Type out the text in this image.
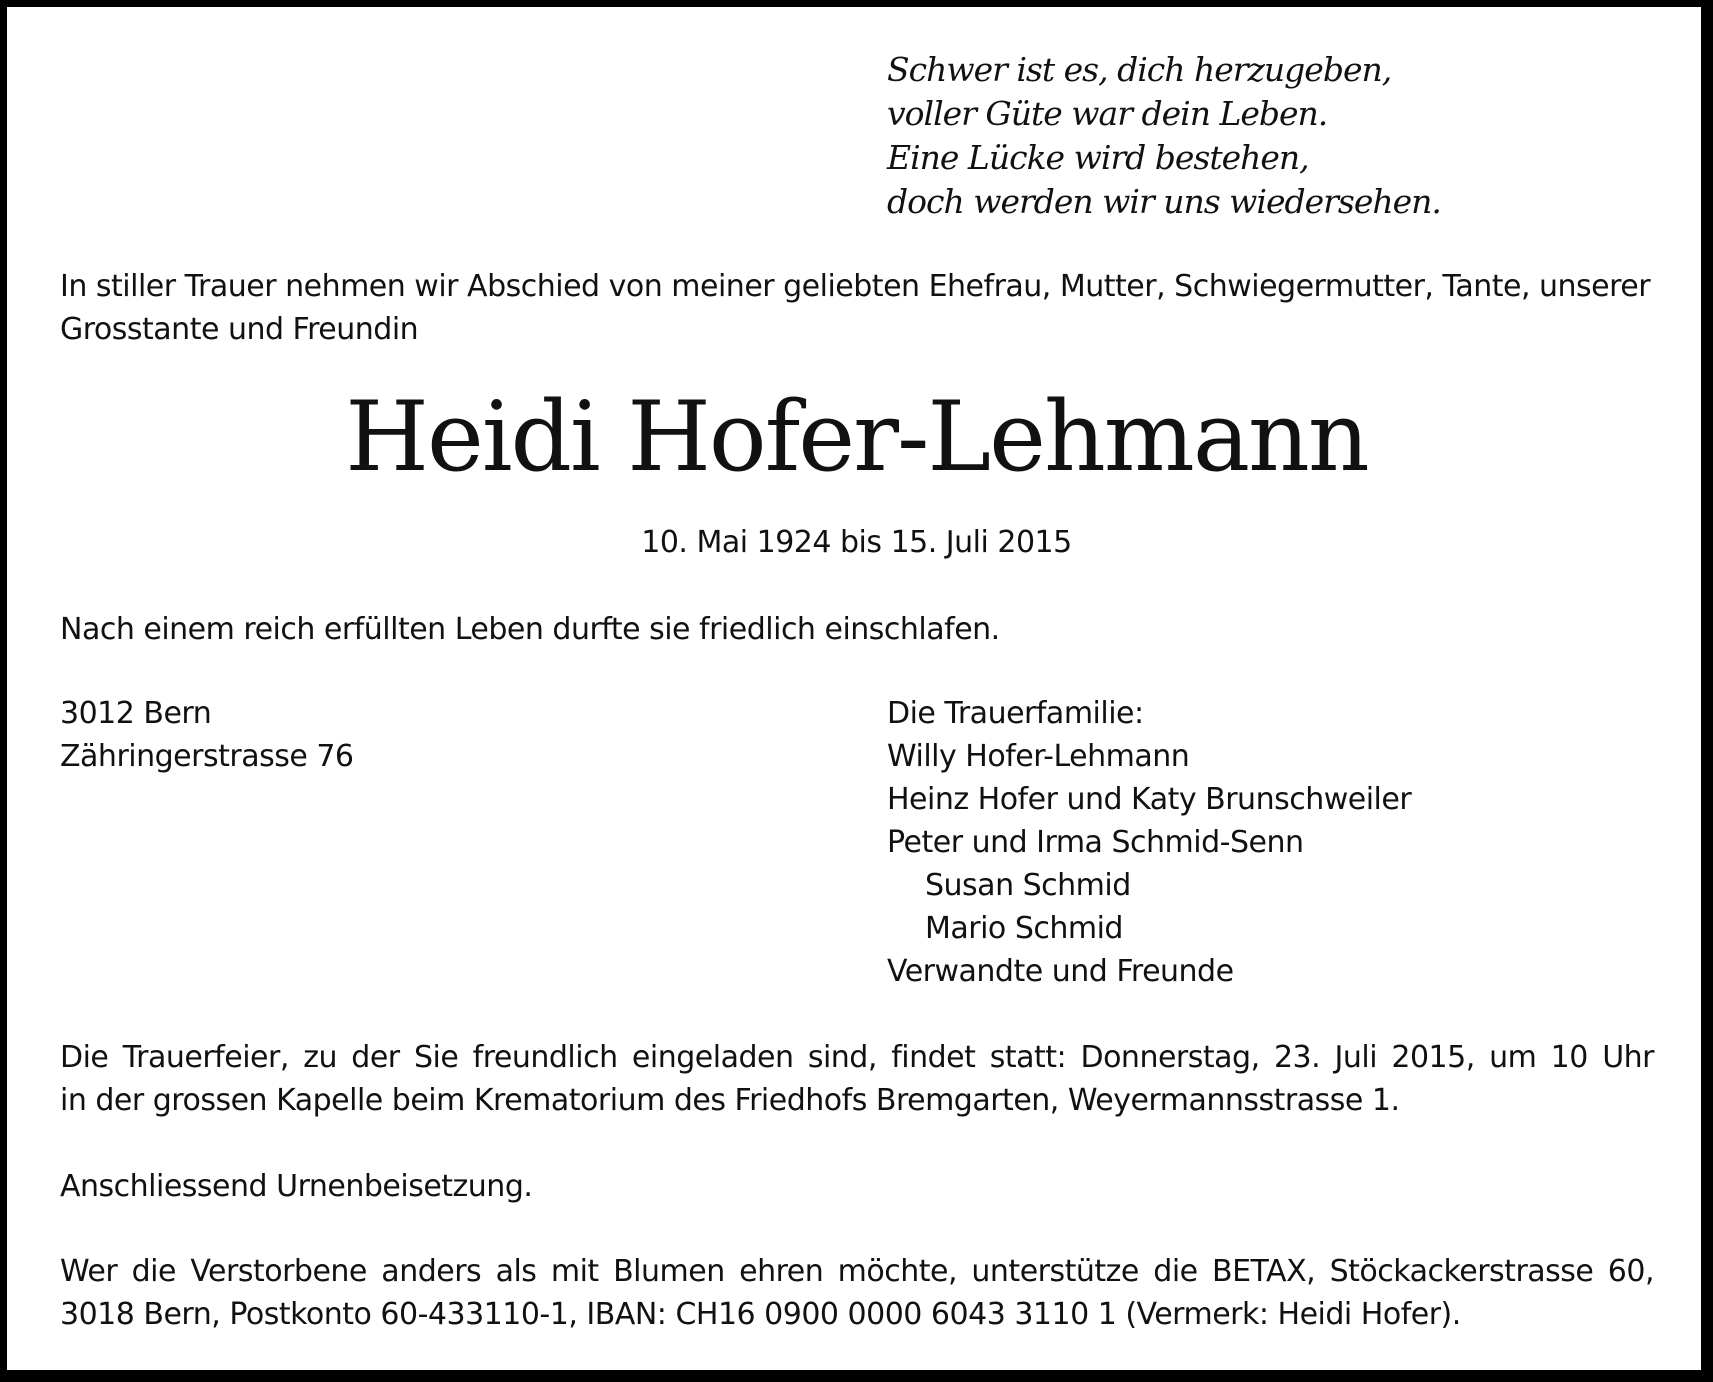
Schwer ist es, dich herzugeben,
voller Güte war dein Leben.
Eine Lücke wird bestehen,
doch werden wir uns wiedersehen.
In stiller Trauer nehmen wir Abschied von meiner geliebten Ehefrau, Mutter, Schwiegermutter, Tante, unserer
Grosstante und Freundin
Heidi Hofer-Lehmann
10. Mai 1924 bis 15. Juli 2015
Nach einem reich erfüllten Leben durfte sie friedlich einschlafen.
3012 Bern
Zähringerstrasse 76
Die Trauerfamilie:
Willy Hofer-Lehmann
Heinz Hofer und Katy Brunschweiler
Peter und Irma Schmid-Senn
Susan Schmid
Mario Schmid
Verwandte und Freunde
Die Trauerfeier, zu der Sie freundlich eingeladen sind, findet statt: Donnerstag, 23. Juli 2015, um 10 Uhr
in der grossen Kapelle beim Krematorium des Friedhofs Bremgarten, Weyermannsstrasse 1.
Anschliessend Urnenbeisetzung.
Wer die Verstorbene anders als mit Blumen ehren möchte, unterstütze die BETAX, Stöckackerstrasse 60,
3018 Bern, Postkonto 60-433110-1, IBAN: CH16 0900 0000 6043 3110 1 (Vermerk: Heidi Hofer).
